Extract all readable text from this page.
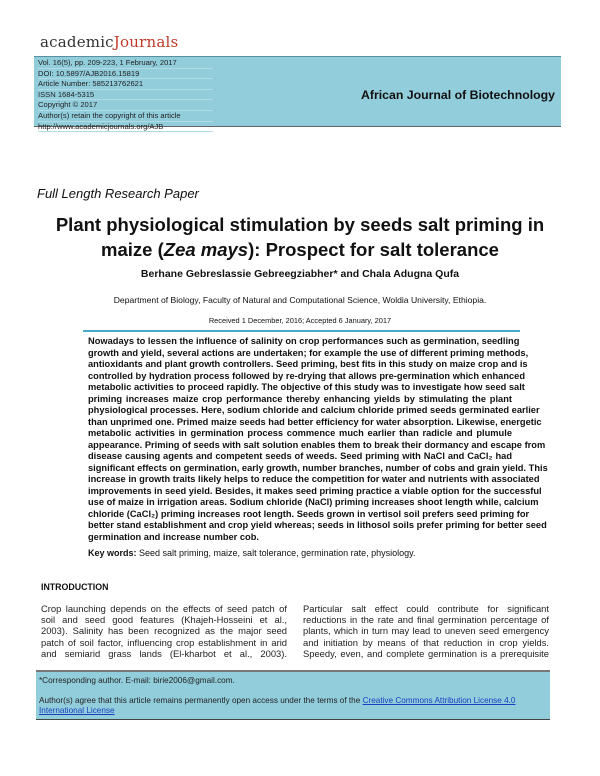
academicJournals
Vol. 16(5), pp. 209-223, 1 February, 2017
DOI: 10.5897/AJB2016.15819
Article Number: 585213762621
ISSN 1684-5315
Copyright © 2017
Author(s) retain the copyright of this article
http://www.academicjournals.org/AJB
African Journal of Biotechnology
Full Length Research Paper
Plant physiological stimulation by seeds salt priming in
maize (Zea mays): Prospect for salt tolerance
Berhane Gebreslassie Gebreegziabher* and Chala Adugna Qufa
Department of Biology, Faculty of Natural and Computational Science, Woldia University, Ethiopia.
Received 1 December, 2016; Accepted 6 January, 2017
Nowadays to lessen the influence of salinity on crop performances such as germination, seedling
growth and yield, several actions are undertaken; for example the use of different priming methods,
antioxidants and plant growth controllers. Seed priming, best fits in this study on maize crop and is
controlled by hydration process followed by re-drying that allows pre-germination which enhanced
metabolic activities to proceed rapidly. The objective of this study was to investigate how seed salt
priming increases maize crop performance thereby enhancing yields by stimulating the plant
physiological processes. Here, sodium chloride and calcium chloride primed seeds germinated earlier
than unprimed one. Primed maize seeds had better efficiency for water absorption. Likewise, energetic
metabolic activities in germination process commence much earlier than radicle and plumule
appearance. Priming of seeds with salt solution enables them to break their dormancy and escape from
disease causing agents and competent seeds of weeds. Seed priming with NaCl and CaCl₂ had
significant effects on germination, early growth, number branches, number of cobs and grain yield. This
increase in growth traits likely helps to reduce the competition for water and nutrients with associated
improvements in seed yield. Besides, it makes seed priming practice a viable option for the successful
use of maize in irrigation areas. Sodium chloride (NaCl) priming increases shoot length while, calcium
chloride (CaCl₂) priming increases root length. Seeds grown in vertisol soil prefers seed priming for
better stand establishment and crop yield whereas; seeds in lithosol soils prefer priming for better seed
germination and increase number cob.
Key words: Seed salt priming, maize, salt tolerance, germination rate, physiology.
INTRODUCTION
Crop launching depends on the effects of seed patch of
soil and seed good features (Khajeh-Hosseini et al.,
2003). Salinity has been recognized as the major seed
patch of soil factor, influencing crop establishment in arid
and semiarid grass lands (El-kharbot et al., 2003).
Particular salt effect could contribute for significant
reductions in the rate and final germination percentage of
plants, which in turn may lead to uneven seed emergency
and initiation by means of that reduction in crop yields.
Speedy, even, and complete germination is a prerequisite
*Corresponding author. E-mail: birie2006@gmail.com.
Author(s) agree that this article remains permanently open access under the terms of the Creative Commons Attribution License 4.0 International License
